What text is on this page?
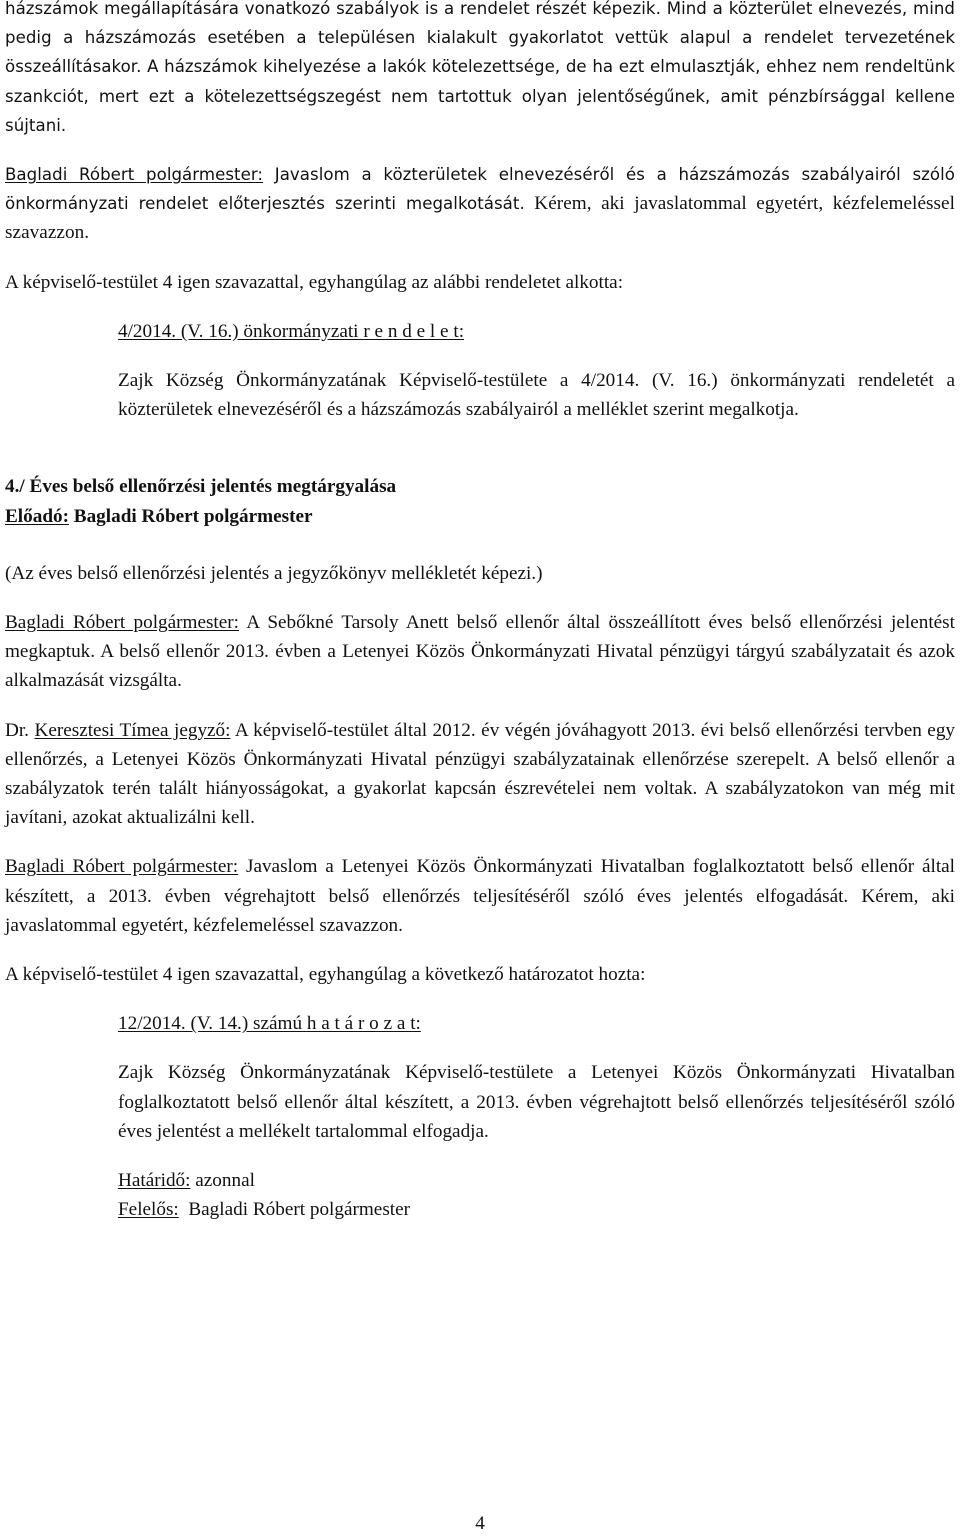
házszámok megállapítására vonatkozó szabályok is a rendelet részét képezik. Mind a közterület elnevezés, mind pedig a házszámozás esetében a településen kialakult gyakorlatot vettük alapul a rendelet tervezetének összeállításakor. A házszámok kihelyezése a lakók kötelezettsége, de ha ezt elmulasztják, ehhez nem rendeltünk szankciót, mert ezt a kötelezettségszegést nem tartottuk olyan jelentőségűnek, amit pénzbírsággal kellene sújtani.

Bagladi Róbert polgármester: Javaslom a közterületek elnevezéséről és a házszámozás szabályairól szóló önkormányzati rendelet előterjesztés szerinti megalkotását. Kérem, aki javaslatommal egyetért, kézfelemeléssel szavazzon.

A képviselő-testület 4 igen szavazattal, egyhangúlag az alábbi rendeletet alkotta:

4/2014. (V. 16.) önkormányzati r e n d e l e t:

Zajk Község Önkormányzatának Képviselő-testülete a 4/2014. (V. 16.) önkormányzati rendeletét a közterületek elnevezéséről és a házszámozás szabályairól a melléklet szerint megalkotja.

4./ Éves belső ellenőrzési jelentés megtárgyalása

Előadó: Bagladi Róbert polgármester

(Az éves belső ellenőrzési jelentés a jegyzőkönyv mellékletét képezi.)

Bagladi Róbert polgármester: A Sebőkné Tarsoly Anett belső ellenőr által összeállított éves belső ellenőrzési jelentést megkaptuk. A belső ellenőr 2013. évben a Letenyei Közös Önkormányzati Hivatal pénzügyi tárgyú szabályzatait és azok alkalmazását vizsgálta.

Dr. Keresztesi Tímea jegyző: A képviselő-testület által 2012. év végén jóváhagyott 2013. évi belső ellenőrzési tervben egy ellenőrzés, a Letenyei Közös Önkormányzati Hivatal pénzügyi szabályzatainak ellenőrzése szerepelt. A belső ellenőr a szabályzatok terén talált hiányosságokat, a gyakorlat kapcsán észrevételei nem voltak. A szabályzatokon van még mit javítani, azokat aktualizálni kell.

Bagladi Róbert polgármester: Javaslom a Letenyei Közös Önkormányzati Hivatalban foglalkoztatott belső ellenőr által készített, a 2013. évben végrehajtott belső ellenőrzés teljesítéséről szóló éves jelentés elfogadását. Kérem, aki javaslatommal egyetért, kézfelemeléssel szavazzon.

A képviselő-testület 4 igen szavazattal, egyhangúlag a következő határozatot hozta:

12/2014. (V. 14.) számú h a t á r o z a t:

Zajk Község Önkormányzatának Képviselő-testülete a Letenyei Közös Önkormányzati Hivatalban foglalkoztatott belső ellenőr által készített, a 2013. évben végrehajtott belső ellenőrzés teljesítéséről szóló éves jelentést a mellékelt tartalommal elfogadja.

Határidő: azonnal

Felelős:  Bagladi Róbert polgármester

4
